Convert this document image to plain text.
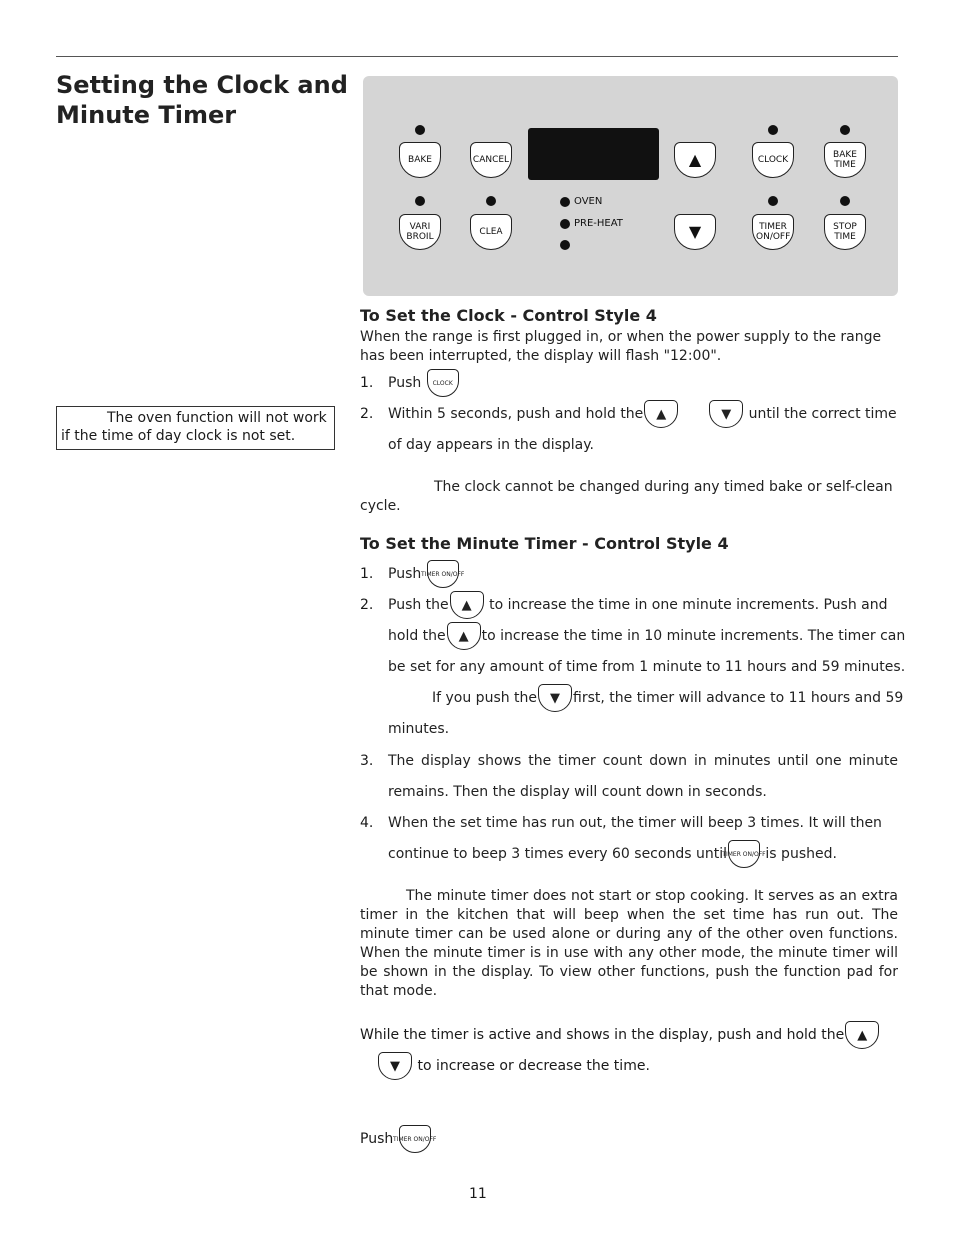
Setting the Clock and
Minute Timer
The oven function will not work if the time of day clock is not set.
BAKE	CANCEL	▲	CLOCK	BAKE TIME
VARI BROIL	CLEA
OVEN
PRE-HEAT	▼	TIMER ON/OFF
STOP TIME
To Set the Clock - Control Style 4
When the range is first plugged in, or when the power supply to the range has been interrupted, the display will flash "12:00".
1. Push CLOCK
2. Within 5 seconds, push and hold the ▲
	▼ until the correct time
of day appears in the display.
The clock cannot be changed during any timed bake or self-clean cycle.
To Set the Minute Timer - Control Style 4
1. Push TIMER ON/OFF
2. Push the ▲ to increase the time in one minute increments. Push and
hold the ▲ to increase the time in 10 minute increments. The timer can
be set for any amount of time from 1 minute to 11 hours and 59 minutes.
If you push the ▼ first, the timer will advance to 11 hours and 59
minutes.
3. The display shows the timer count down in minutes until one minute remains. Then the display will count down in seconds.
4. When the set time has run out, the timer will beep 3 times. It will then
continue to beep 3 times every 60 seconds until
TIMER ON/OFF is pushed.
The minute timer does not start or stop cooking. It serves as an extra timer in the kitchen that will beep when the set time has run out. The minute timer can be used alone or during any of the other oven functions. When the minute timer is in use with any other mode, the minute timer will be shown in the display. To view other functions, push the function pad for that mode.
While the timer is active and shows in the display, push and hold the ▲
▼ to increase or decrease the time.
Push TIMER ON/OFF
11
